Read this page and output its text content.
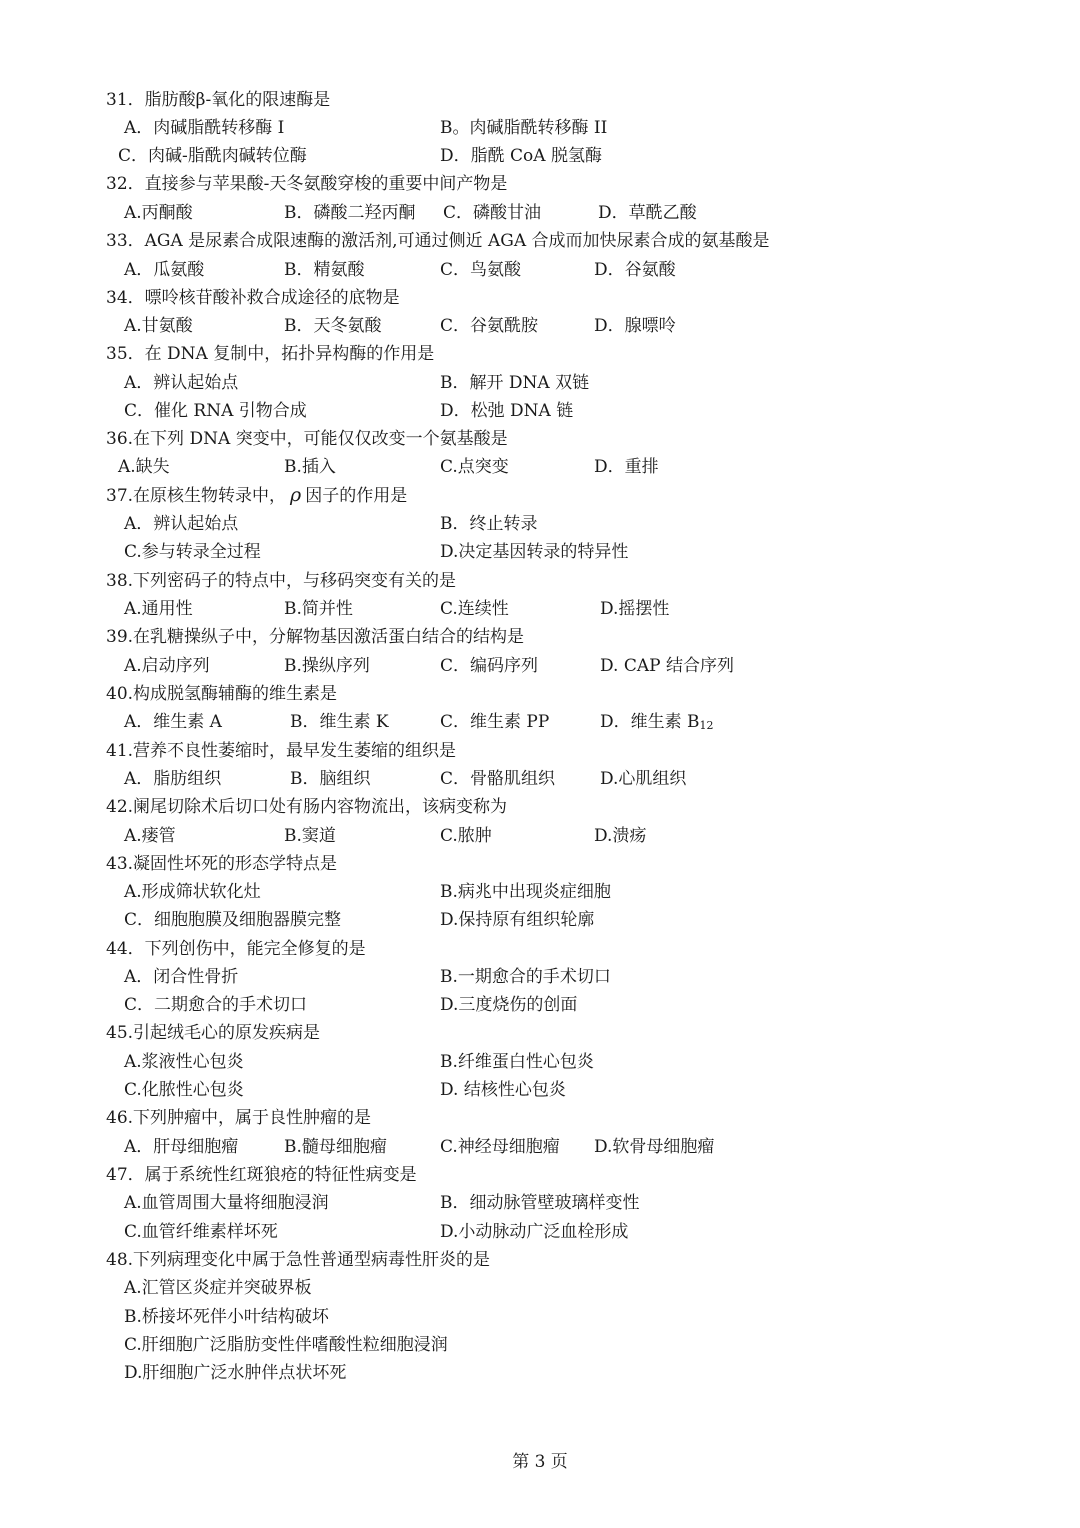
31．脂肪酸β-氧化的限速酶是
A．肉碱脂酰转移酶 I	B。肉碱脂酰转移酶 II
C．肉碱-脂酰肉碱转位酶	D．脂酰 CoA 脱氢酶
32．直接参与苹果酸-天冬氨酸穿梭的重要中间产物是
A.丙酮酸	B．磷酸二羟丙酮 C．磷酸甘油	D．草酰乙酸
33．AGA 是尿素合成限速酶的激活剂,可通过侧近 AGA 合成而加快尿素合成的氨基酸是
A．瓜氨酸	B．精氨酸	C．鸟氨酸	D．谷氨酸
34．嘌呤核苷酸补救合成途径的底物是
A.甘氨酸	B．天冬氨酸	C．谷氨酰胺	D．腺嘌呤
35．在 DNA 复制中，拓扑异构酶的作用是
A．辨认起始点	B．解开 DNA 双链
C．催化 RNA 引物合成	D．松弛 DNA 链
36.在下列 DNA 突变中，可能仅仅改变一个氨基酸是
A.缺失	B.插入	C.点突变	D．重排
37.在原核生物转录中， ρ 因子的作用是
A．辨认起始点	B．终止转录
C.参与转录全过程	D.决定基因转录的特异性
38.下列密码子的特点中，与移码突变有关的是
A.通用性	B.简并性	C.连续性	D.摇摆性
39.在乳糖操纵子中，分解物基因激活蛋白结合的结构是
A.启动序列	B.操纵序列	C．编码序列	D. CAP 结合序列
40.构成脱氢酶辅酶的维生素是
A．维生素 A	B．维生素 K	C．维生素 PP	D．维生素 $B_{12}$
41.营养不良性萎缩时，最早发生萎缩的组织是
A．脂肪组织	B．脑组织	C．骨骼肌组织	D.心肌组织
42.阑尾切除术后切口处有肠内容物流出，该病变称为
A.瘘管	B.窦道	C.脓肿	D.溃疡
43.凝固性坏死的形态学特点是
A.形成筛状软化灶	B.病兆中出现炎症细胞
C．细胞胞膜及细胞器膜完整	D.保持原有组织轮廓
44．下列创伤中，能完全修复的是
A．闭合性骨折	B.一期愈合的手术切口
C．二期愈合的手术切口	D.三度烧伤的创面
45.引起绒毛心的原发疾病是
A.浆液性心包炎	B.纤维蛋白性心包炎
C.化脓性心包炎	D. 结核性心包炎
46.下列肿瘤中，属于良性肿瘤的是
A．肝母细胞瘤	B.髓母细胞瘤	C.神经母细胞瘤 D.软骨母细胞瘤
47．属于系统性红斑狼疮的特征性病变是
A.血管周围大量将细胞浸润	B．细动脉管壁玻璃样变性
C.血管纤维素样坏死	D.小动脉动广泛血栓形成
48.下列病理变化中属于急性普通型病毒性肝炎的是
A.汇管区炎症并突破界板
B.桥接坏死伴小叶结构破坏
C.肝细胞广泛脂肪变性伴嗜酸性粒细胞浸润
D.肝细胞广泛水肿伴点状坏死
第 3 页
